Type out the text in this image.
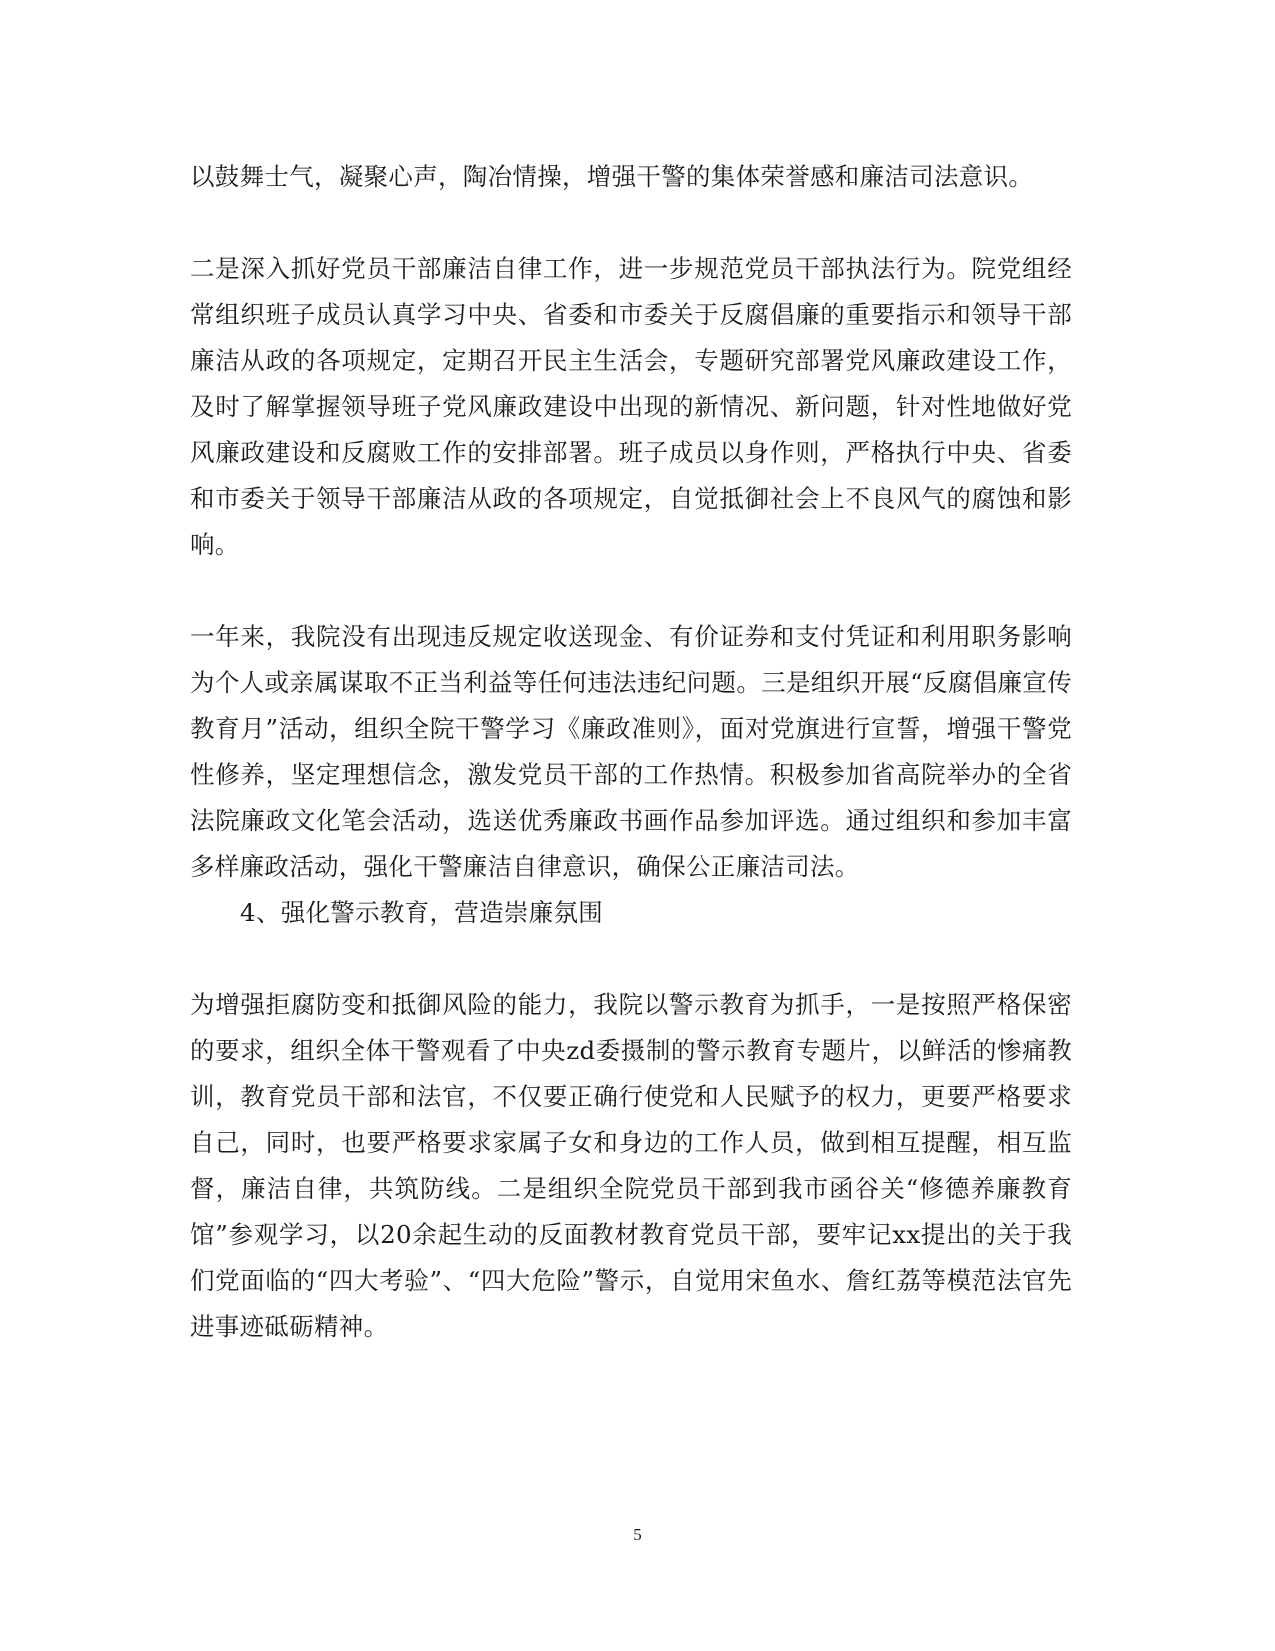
以鼓舞士气，凝聚心声，陶冶情操，增强干警的集体荣誉感和廉洁司法意识。

二是深入抓好党员干部廉洁自律工作，进一步规范党员干部执法行为。院党组经常组织班子成员认真学习中央、省委和市委关于反腐倡廉的重要指示和领导干部廉洁从政的各项规定，定期召开民主生活会，专题研究部署党风廉政建设工作，及时了解掌握领导班子党风廉政建设中出现的新情况、新问题，针对性地做好党风廉政建设和反腐败工作的安排部署。班子成员以身作则，严格执行中央、省委和市委关于领导干部廉洁从政的各项规定，自觉抵御社会上不良风气的腐蚀和影响。

一年来，我院没有出现违反规定收送现金、有价证券和支付凭证和利用职务影响为个人或亲属谋取不正当利益等任何违法违纪问题。三是组织开展“反腐倡廉宣传教育月”活动，组织全院干警学习《廉政准则》，面对党旗进行宣誓，增强干警党性修养，坚定理想信念，激发党员干部的工作热情。积极参加省高院举办的全省法院廉政文化笔会活动，选送优秀廉政书画作品参加评选。通过组织和参加丰富多样廉政活动，强化干警廉洁自律意识，确保公正廉洁司法。

4、强化警示教育，营造崇廉氛围

为增强拒腐防变和抵御风险的能力，我院以警示教育为抓手，一是按照严格保密的要求，组织全体干警观看了中央zd委摄制的警示教育专题片，以鲜活的惨痛教训，教育党员干部和法官，不仅要正确行使党和人民赋予的权力，更要严格要求自己，同时，也要严格要求家属子女和身边的工作人员，做到相互提醒，相互监督，廉洁自律，共筑防线。二是组织全院党员干部到我市函谷关“修德养廉教育馆”参观学习，以20余起生动的反面教材教育党员干部，要牢记xx提出的关于我们党面临的“四大考验”、“四大危险”警示，自觉用宋鱼水、詹红荔等模范法官先进事迹砥砺精神。

5
